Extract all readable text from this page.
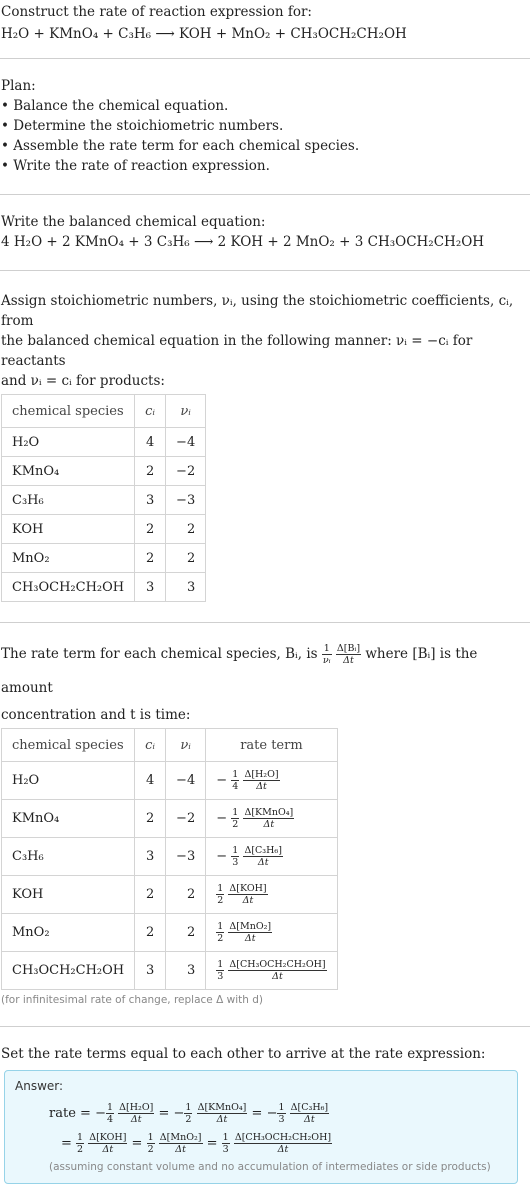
Construct the rate of reaction expression for:
H₂O + KMnO₄ + C₃H₆ ⟶ KOH + MnO₂ + CH₃OCH₂CH₂OH
Plan:
• Balance the chemical equation.
• Determine the stoichiometric numbers.
• Assemble the rate term for each chemical species.
• Write the rate of reaction expression.
Write the balanced chemical equation:
4 H₂O + 2 KMnO₄ + 3 C₃H₆ ⟶ 2 KOH + 2 MnO₂ + 3 CH₃OCH₂CH₂OH
Assign stoichiometric numbers, νᵢ, using the stoichiometric coefficients, cᵢ, from
the balanced chemical equation in the following manner: νᵢ = −cᵢ for reactants
and νᵢ = cᵢ for products:
chemical species	cᵢ	νᵢ
H₂O	4	−4
KMnO₄	2	−2
C₃H₆	3	−3
KOH	2	2
MnO₂	2	2
CH₃OCH₂CH₂OH	3	3
The rate term for each chemical species, Bᵢ, is $\frac{1}{\text{νᵢ}}$
$\frac{\text{Δ[Bᵢ]}}{\Delta t}$ where [Bᵢ] is the amount
concentration and t is time:
chemical species	cᵢ	νᵢ	rate term
H₂O	4	−4	− $\frac{1}{4}$
$\frac{\text{Δ[H₂O]}}{\Delta t}$

KMnO₄	2	−2	− $\frac{1}{2}$
$\frac{\text{Δ[KMnO₄]}}{\Delta t}$

C₃H₆	3	−3	− $\frac{1}{3}$
$\frac{\text{Δ[C₃H₆]}}{\Delta t}$

KOH	2	2	$\frac{1}{2}$
$\frac{\text{Δ[KOH]}}{\Delta t}$

MnO₂	2	2	$\frac{1}{2}$
$\frac{\text{Δ[MnO₂]}}{\Delta t}$

CH₃OCH₂CH₂OH	3	3	$\frac{1}{3}$
$\frac{\text{Δ[CH₃OCH₂CH₂OH]}}{\Delta t}$
(for infinitesimal rate of change, replace Δ with d)
Set the rate terms equal to each other to arrive at the rate expression:
Answer:
rate = − $\frac{1}{4}$
$\frac{\text{Δ[H₂O]}}{\Delta t}$ = − $\frac{1}{2}$
$\frac{\text{Δ[KMnO₄]}}{\Delta t}$ = − $\frac{1}{3}$
$\frac{\text{Δ[C₃H₆]}}{\Delta t}$
= $\frac{1}{2}$
$\frac{\text{Δ[KOH]}}{\Delta t} = \frac{1}{2}$
$\frac{\text{Δ[MnO₂]}}{\Delta t} = \frac{1}{3}$
$\frac{\text{Δ[CH₃OCH₂CH₂OH]}}{\Delta t}$
(assuming constant volume and no accumulation of intermediates or side products)
